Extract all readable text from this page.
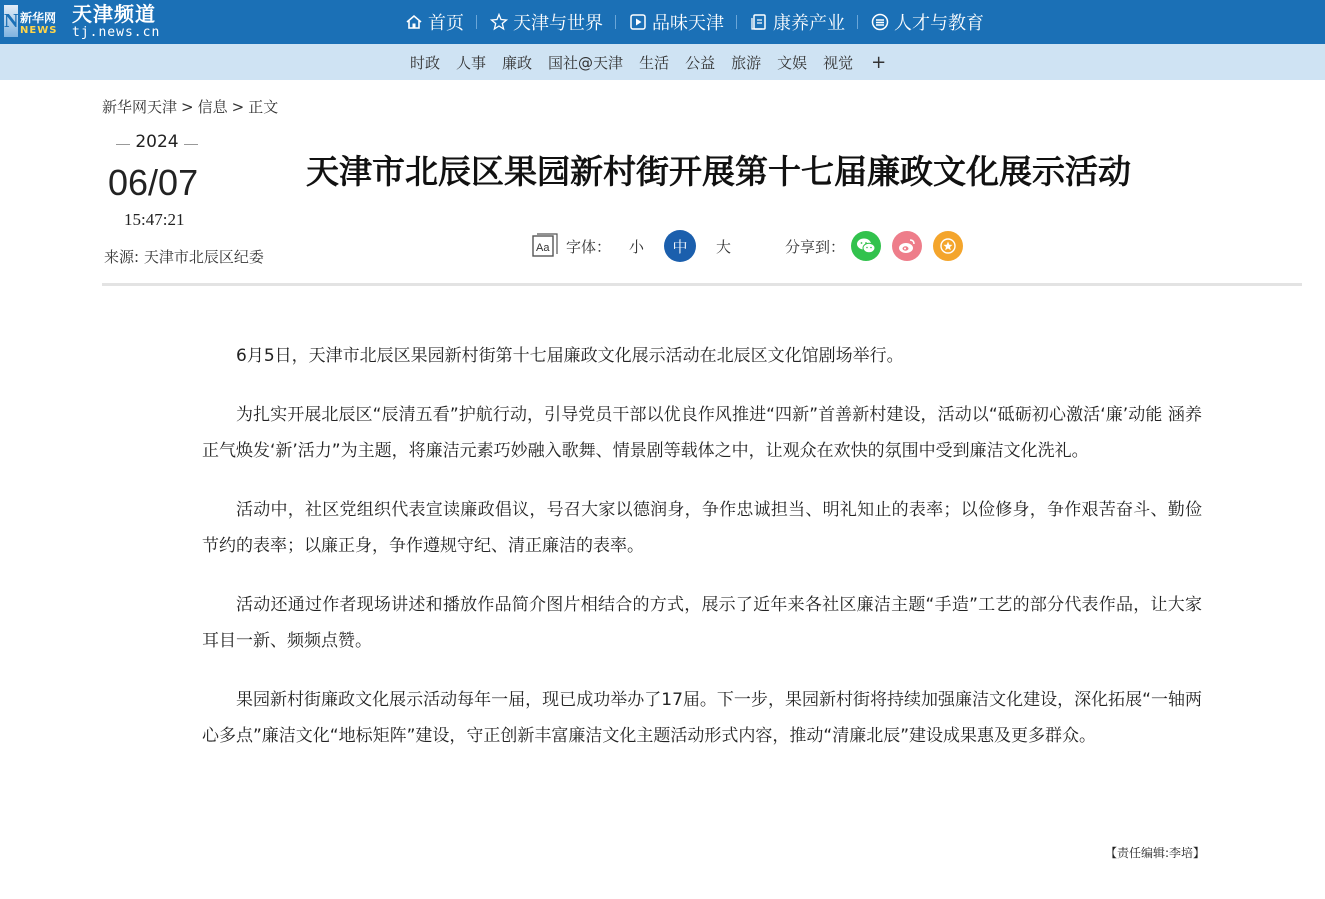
N 新华网
NEWS
天津频道
tj.news.cn	首页	天津与世界	品味天津	康养产业	人才与教育
时政 人事 廉政 国社@天津 生活 公益 旅游 文娱 视觉 +
新华网天津 > 信息 > 正文
2024
06/07
15:47:21
来源: 天津市北辰区纪委
天津市北辰区果园新村街开展第十七届廉政文化展示活动
Aa 字体： 小	中	大	分享到：

6月5日，天津市北辰区果园新村街第十七届廉政文化展示活动在北辰区文化馆剧场举行。

为扎实开展北辰区“辰清五看”护航行动，引导党员干部以优良作风推进“四新”首善新村建设，活动以“砥砺初心激活‘廉’动能 涵养正气焕发‘新’活力”为主题，将廉洁元素巧妙融入歌舞、情景剧等载体之中，让观众在欢快的氛围中受到廉洁文化洗礼。

活动中，社区党组织代表宣读廉政倡议，号召大家以德润身，争作忠诚担当、明礼知止的表率；以俭修身，争作艰苦奋斗、勤俭节约的表率；以廉正身，争作遵规守纪、清正廉洁的表率。

活动还通过作者现场讲述和播放作品简介图片相结合的方式，展示了近年来各社区廉洁主题“手造”工艺的部分代表作品，让大家耳目一新、频频点赞。

果园新村街廉政文化展示活动每年一届，现已成功举办了17届。下一步，果园新村街将持续加强廉洁文化建设，深化拓展“一轴两心多点”廉洁文化“地标矩阵”建设，守正创新丰富廉洁文化主题活动形式内容，推动“清廉北辰”建设成果惠及更多群众。

【责任编辑:李培】
